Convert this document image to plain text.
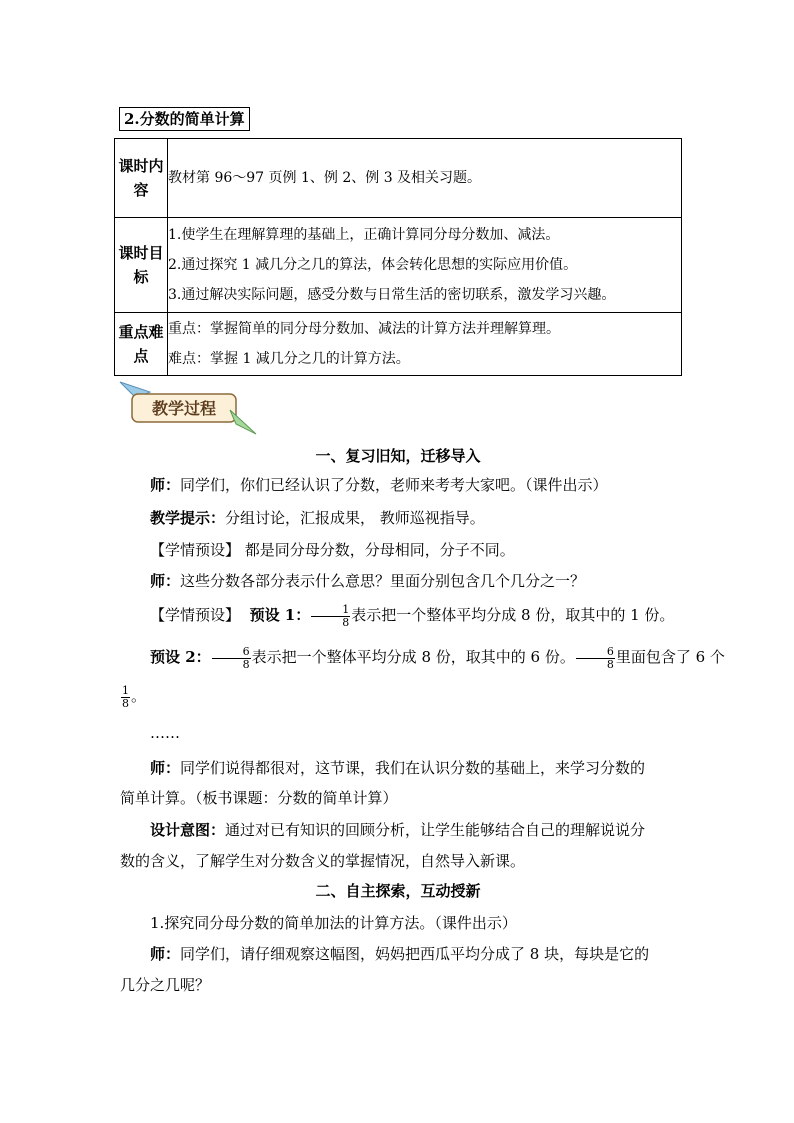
2.分数的简单计算
课时内容	教材第 96～97 页例 1、例 2、例 3 及相关习题。

课时目标	1.使学生在理解算理的基础上，正确计算同分母分数加、减法。
2.通过探究 1 减几分之几的算法，体会转化思想的实际应用价值。
3.通过解决实际问题，感受分数与日常生活的密切联系，激发学习兴趣。

重点难点	重点：掌握简单的同分母分数加、减法的计算方法并理解算理。
难点：掌握 1 减几分之几的计算方法。
教学过程
一、复习旧知，迁移导入
师：同学们，你们已经认识了分数，老师来考考大家吧。（课件出示）
教学提示：分组讨论，汇报成果， 教师巡视指导。
【学情预设】 都是同分母分数，分母相同，分子不同。
师：这些分数各部分表示什么意思？里面分别包含几个几分之一？
【学情预设】 预设 1： $\frac{1}{8}$ 表示把一个整体平均分成 8 份，取其中的 1 份。
预设 2： $\frac{6}{8}$ 表示把一个整体平均分成 8 份，取其中的 6 份。 $\frac{6}{8}$ 里面包含了 6 个
$\frac{1}{8}$ 。
……
师：同学们说得都很对，这节课，我们在认识分数的基础上，来学习分数的
简单计算。（板书课题：分数的简单计算）
设计意图：通过对已有知识的回顾分析，让学生能够结合自己的理解说说分
数的含义，了解学生对分数含义的掌握情况，自然导入新课。
二、自主探索，互动授新
1.探究同分母分数的简单加法的计算方法。（课件出示）
师：同学们，请仔细观察这幅图，妈妈把西瓜平均分成了 8 块，每块是它的
几分之几呢？
